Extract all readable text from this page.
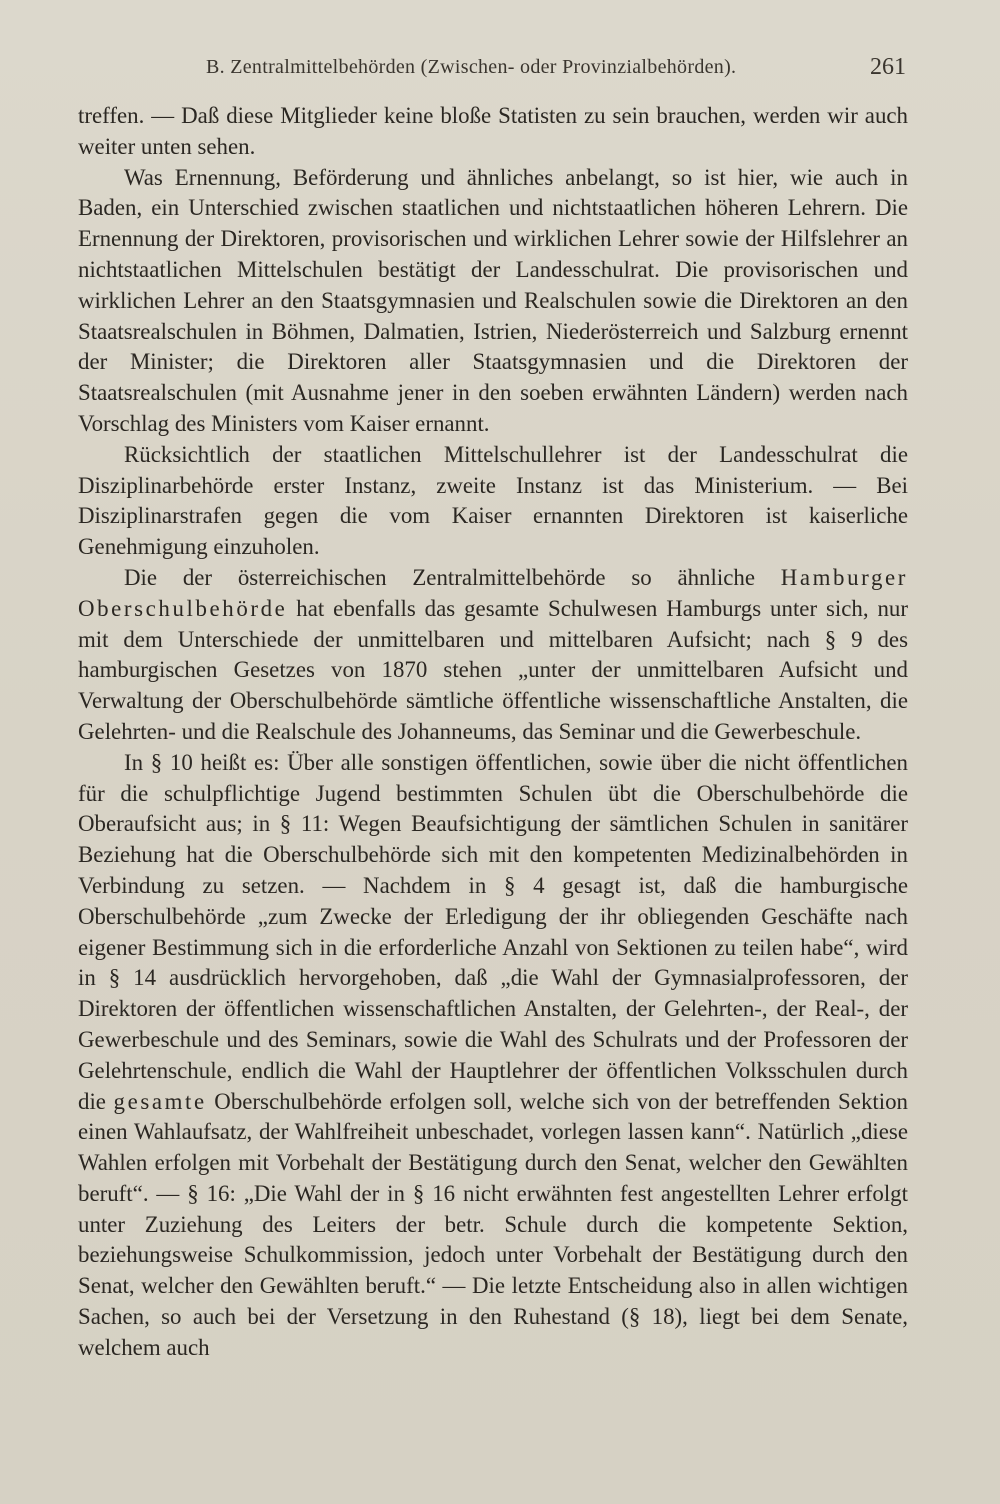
B. Zentralmittelbehörden (Zwischen- oder Provinzialbehörden).	261

treffen. — Daß diese Mitglieder keine bloße Statisten zu sein brauchen, werden wir auch weiter unten sehen.

Was Ernennung, Beförderung und ähnliches anbelangt, so ist hier, wie auch in Baden, ein Unterschied zwischen staatlichen und nichtstaatlichen höheren Lehrern. Die Ernennung der Direktoren, provisorischen und wirklichen Lehrer sowie der Hilfslehrer an nichtstaatlichen Mittelschulen bestätigt der Landesschulrat. Die provisorischen und wirklichen Lehrer an den Staatsgymnasien und Realschulen sowie die Direktoren an den Staatsrealschulen in Böhmen, Dalmatien, Istrien, Niederösterreich und Salzburg ernennt der Minister; die Direktoren aller Staatsgymnasien und die Direktoren der Staatsrealschulen (mit Ausnahme jener in den soeben erwähnten Ländern) werden nach Vorschlag des Ministers vom Kaiser ernannt.

Rücksichtlich der staatlichen Mittelschullehrer ist der Landesschulrat die Disziplinarbehörde erster Instanz, zweite Instanz ist das Ministerium. — Bei Disziplinarstrafen gegen die vom Kaiser ernannten Direktoren ist kaiserliche Genehmigung einzuholen.

Die der österreichischen Zentralmittelbehörde so ähnliche Hamburger Oberschulbehörde hat ebenfalls das gesamte Schulwesen Hamburgs unter sich, nur mit dem Unterschiede der unmittelbaren und mittelbaren Aufsicht; nach § 9 des hamburgischen Gesetzes von 1870 stehen „unter der unmittelbaren Aufsicht und Verwaltung der Oberschulbehörde sämtliche öffentliche wissenschaftliche Anstalten, die Gelehrten- und die Realschule des Johanneums, das Seminar und die Gewerbeschule.

In § 10 heißt es: Über alle sonstigen öffentlichen, sowie über die nicht öffentlichen für die schulpflichtige Jugend bestimmten Schulen übt die Oberschulbehörde die Oberaufsicht aus; in § 11: Wegen Beaufsichtigung der sämtlichen Schulen in sanitärer Beziehung hat die Oberschulbehörde sich mit den kompetenten Medizinalbehörden in Verbindung zu setzen. — Nachdem in § 4 gesagt ist, daß die hamburgische Oberschulbehörde „zum Zwecke der Erledigung der ihr obliegenden Geschäfte nach eigener Bestimmung sich in die erforderliche Anzahl von Sektionen zu teilen habe“, wird in § 14 ausdrücklich hervorgehoben, daß „die Wahl der Gymnasialprofessoren, der Direktoren der öffentlichen wissenschaftlichen Anstalten, der Gelehrten-, der Real-, der Gewerbeschule und des Seminars, sowie die Wahl des Schulrats und der Professoren der Gelehrtenschule, endlich die Wahl der Hauptlehrer der öffentlichen Volksschulen durch die gesamte Oberschulbehörde erfolgen soll, welche sich von der betreffenden Sektion einen Wahlaufsatz, der Wahlfreiheit unbeschadet, vorlegen lassen kann“. Natürlich „diese Wahlen erfolgen mit Vorbehalt der Bestätigung durch den Senat, welcher den Gewählten beruft“. — § 16: „Die Wahl der in § 16 nicht erwähnten fest angestellten Lehrer erfolgt unter Zuziehung des Leiters der betr. Schule durch die kompetente Sektion, beziehungsweise Schulkommission, jedoch unter Vorbehalt der Bestätigung durch den Senat, welcher den Gewählten beruft.“ — Die letzte Entscheidung also in allen wichtigen Sachen, so auch bei der Versetzung in den Ruhestand (§ 18), liegt bei dem Senate, welchem auch
